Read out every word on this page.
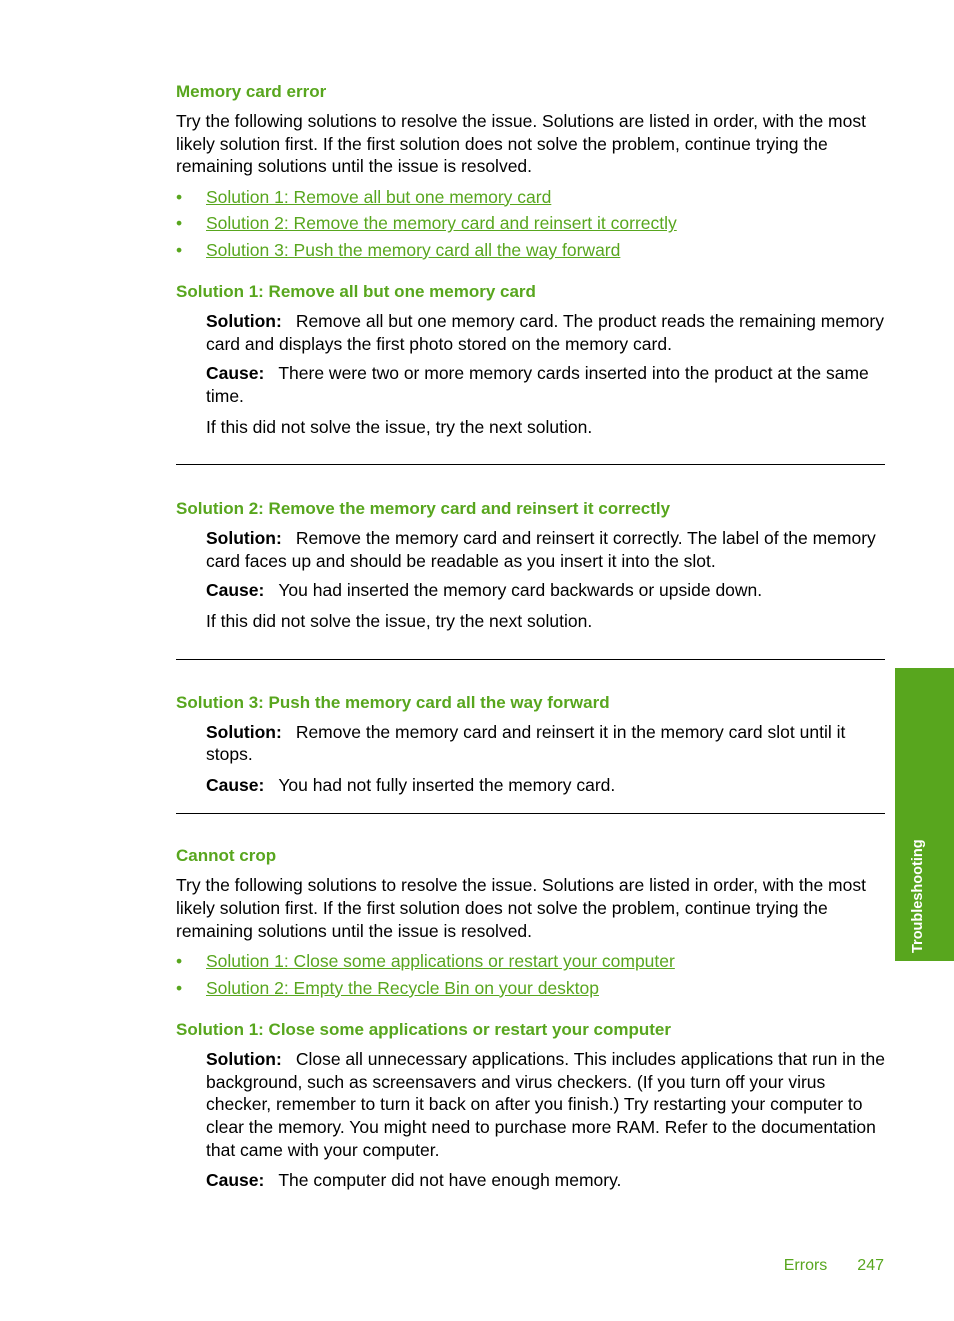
Memory card error

Try the following solutions to resolve the issue. Solutions are listed in order, with the most likely solution first. If the first solution does not solve the problem, continue trying the remaining solutions until the issue is resolved.

• Solution 1: Remove all but one memory card
• Solution 2: Remove the memory card and reinsert it correctly
• Solution 3: Push the memory card all the way forward
Solution 1: Remove all but one memory card

Solution: Remove all but one memory card. The product reads the remaining memory card and displays the first photo stored on the memory card.

Cause: There were two or more memory cards inserted into the product at the same time.

If this did not solve the issue, try the next solution.

Solution 2: Remove the memory card and reinsert it correctly

Solution: Remove the memory card and reinsert it correctly. The label of the memory card faces up and should be readable as you insert it into the slot.

Cause: You had inserted the memory card backwards or upside down.

If this did not solve the issue, try the next solution.

Solution 3: Push the memory card all the way forward

Solution: Remove the memory card and reinsert it in the memory card slot until it stops.

Cause: You had not fully inserted the memory card.

Cannot crop

Try the following solutions to resolve the issue. Solutions are listed in order, with the most likely solution first. If the first solution does not solve the problem, continue trying the remaining solutions until the issue is resolved.

• Solution 1: Close some applications or restart your computer
• Solution 2: Empty the Recycle Bin on your desktop
Solution 1: Close some applications or restart your computer

Solution: Close all unnecessary applications. This includes applications that run in the background, such as screensavers and virus checkers. (If you turn off your virus checker, remember to turn it back on after you finish.) Try restarting your computer to clear the memory. You might need to purchase more RAM. Refer to the documentation that came with your computer.

Cause: The computer did not have enough memory.

Troubleshooting
Errors 247
